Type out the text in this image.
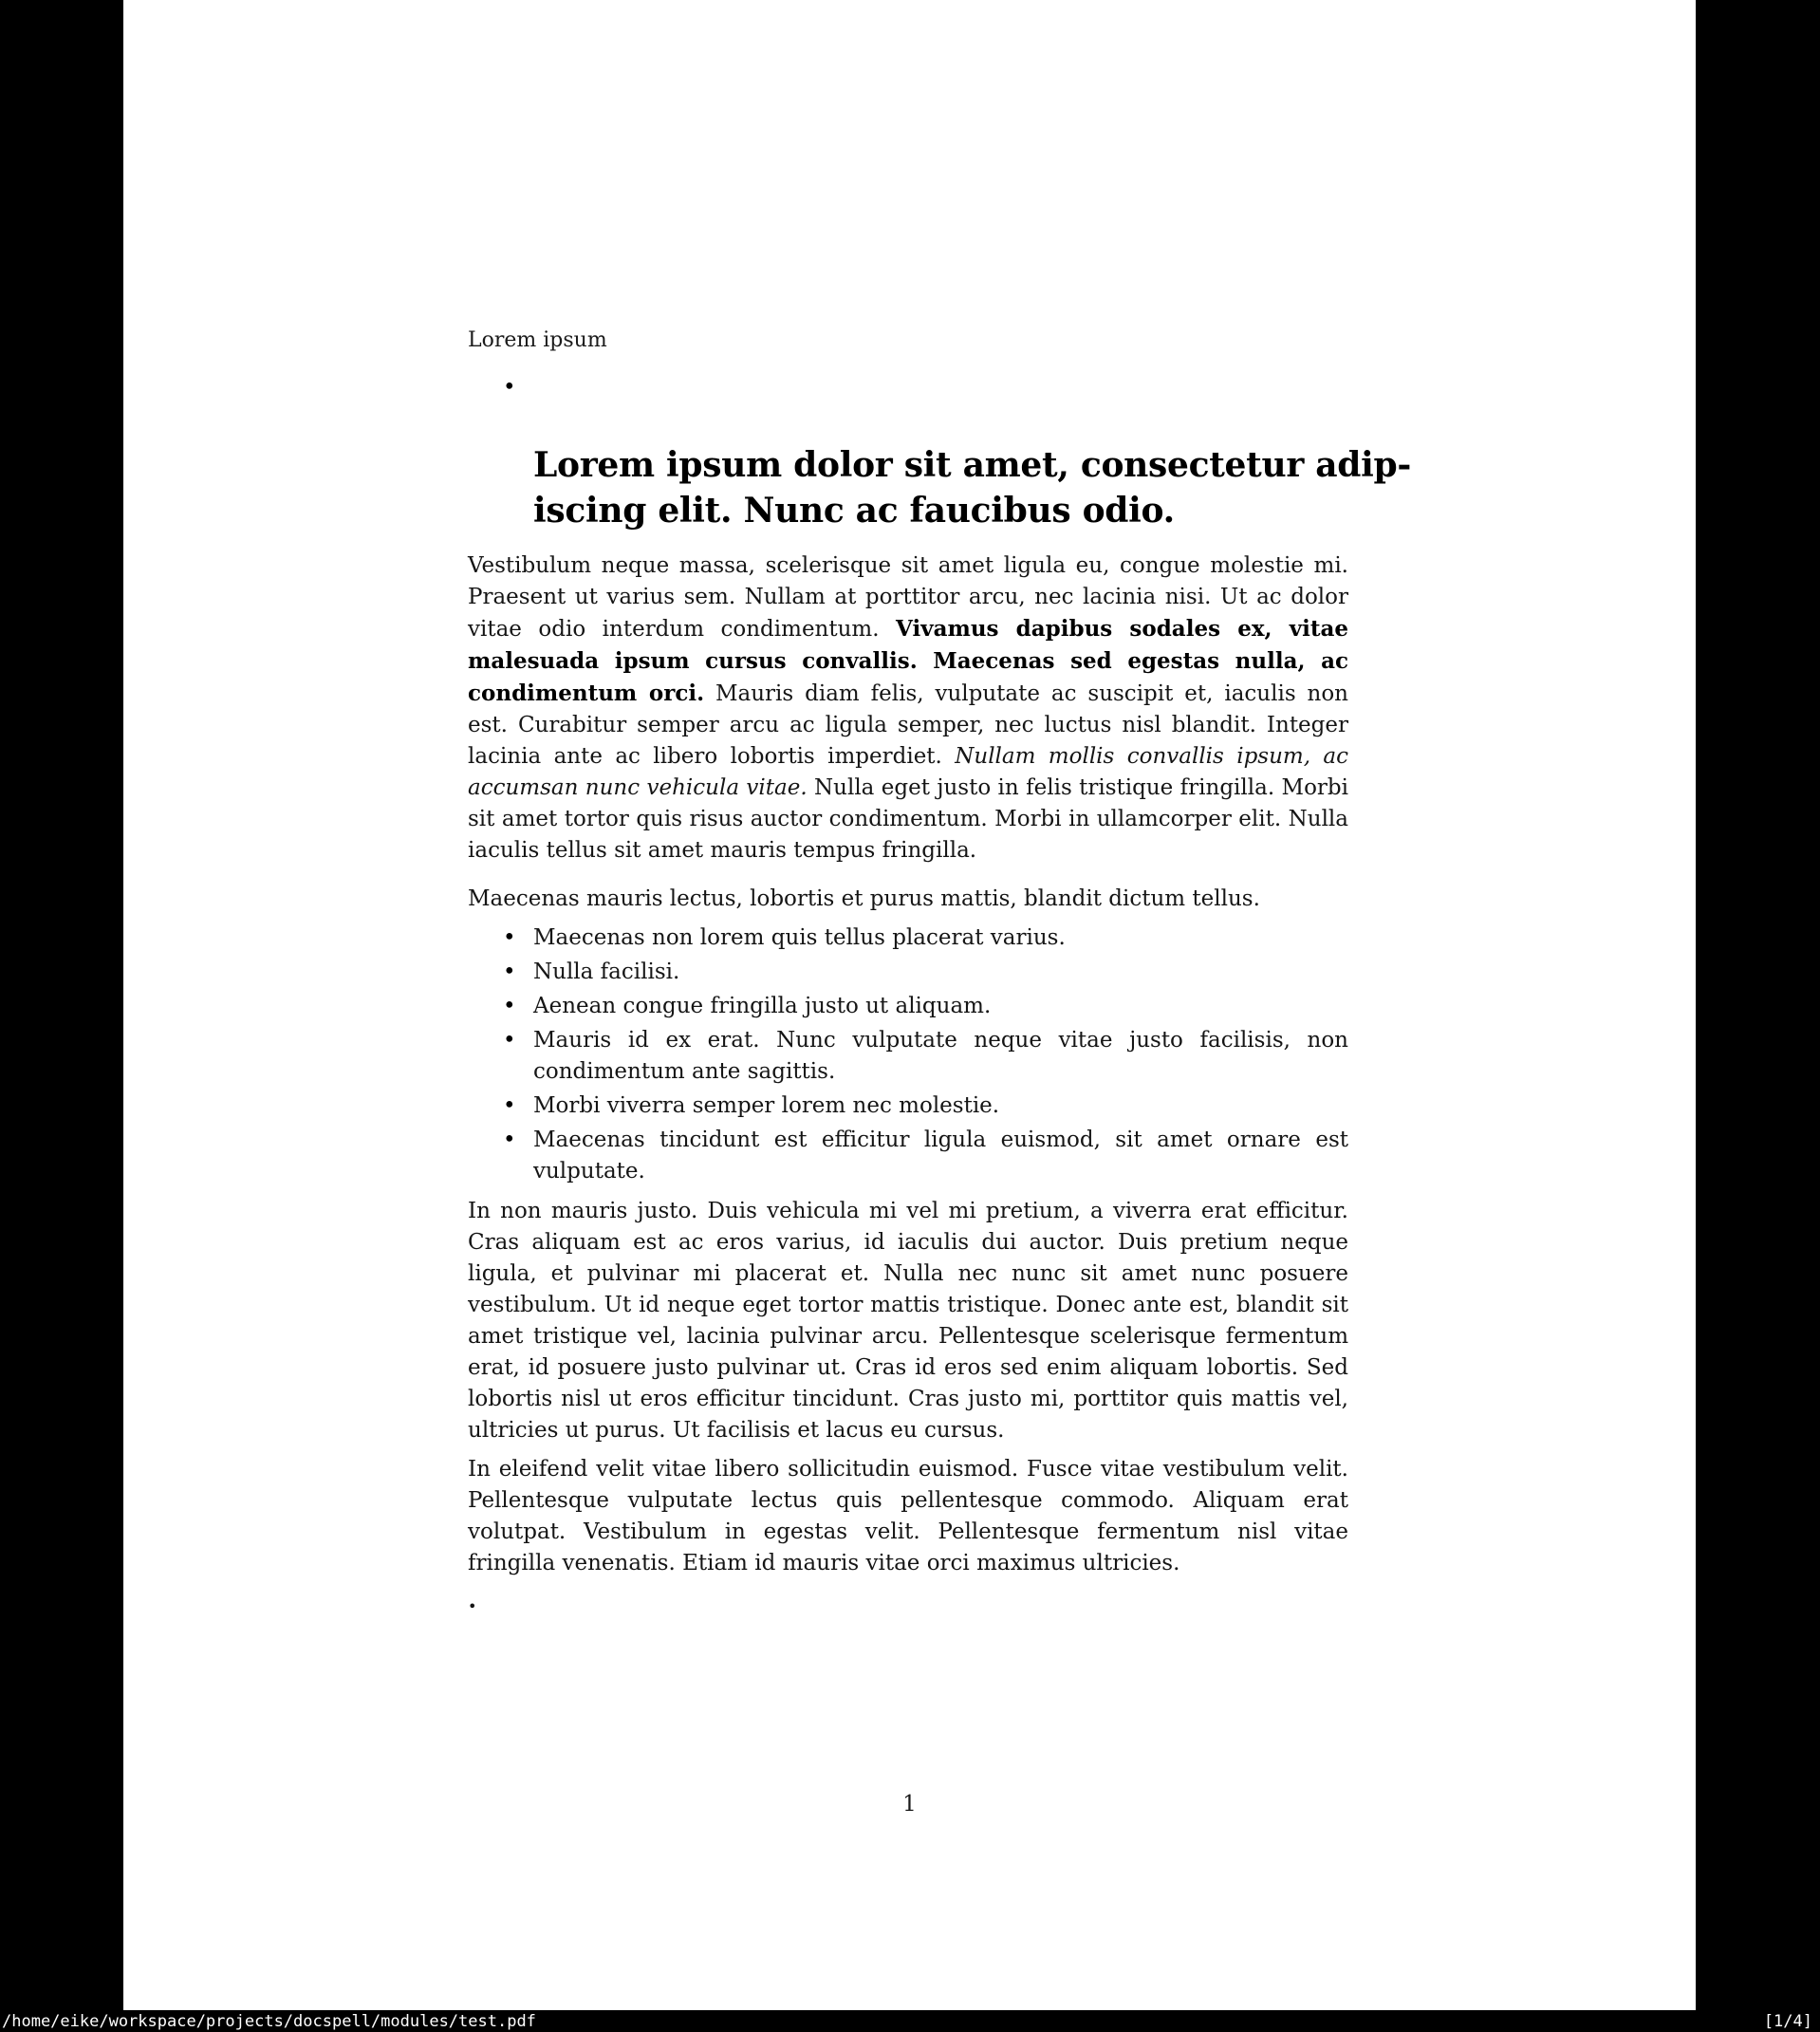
Lorem ipsum
•
Lorem ipsum dolor sit amet, consectetur adip-
iscing elit. Nunc ac faucibus odio.

Vestibulum neque massa, scelerisque sit amet ligula eu, congue molestie mi. Praesent ut varius sem. Nullam at porttitor arcu, nec lacinia nisi. Ut ac dolor vitae odio interdum condimentum. Vivamus dapibus sodales ex, vitae malesuada ipsum cursus convallis. Maecenas sed egestas nulla, ac condimentum orci. Mauris diam felis, vulputate ac suscipit et, iaculis non est. Curabitur semper arcu ac ligula semper, nec luctus nisl blandit. Integer lacinia ante ac libero lobortis imperdiet. Nullam mollis convallis ipsum, ac accumsan nunc vehicula vitae. Nulla eget justo in felis tristique fringilla. Morbi sit amet tortor quis risus auctor condimentum. Morbi in ullamcorper elit. Nulla iaculis tellus sit amet mauris tempus fringilla.

Maecenas mauris lectus, lobortis et purus mattis, blandit dictum tellus.

• Maecenas non lorem quis tellus placerat varius.
• Nulla facilisi.
• Aenean congue fringilla justo ut aliquam.
• Mauris id ex erat. Nunc vulputate neque vitae justo facilisis, non condimentum ante sagittis.
• Morbi viverra semper lorem nec molestie.
• Maecenas tincidunt est efficitur ligula euismod, sit amet ornare est vulputate.

In non mauris justo. Duis vehicula mi vel mi pretium, a viverra erat efficitur. Cras aliquam est ac eros varius, id iaculis dui auctor. Duis pretium neque ligula, et pulvinar mi placerat et. Nulla nec nunc sit amet nunc posuere vestibulum. Ut id neque eget tortor mattis tristique. Donec ante est, blandit sit amet tristique vel, lacinia pulvinar arcu. Pellentesque scelerisque fermentum erat, id posuere justo pulvinar ut. Cras id eros sed enim aliquam lobortis. Sed lobortis nisl ut eros efficitur tincidunt. Cras justo mi, porttitor quis mattis vel, ultricies ut purus. Ut facilisis et lacus eu cursus.

In eleifend velit vitae libero sollicitudin euismod. Fusce vitae vestibulum velit. Pellentesque vulputate lectus quis pellentesque commodo. Aliquam erat volutpat. Vestibulum in egestas velit. Pellentesque fermentum nisl vitae fringilla venenatis. Etiam id mauris vitae orci maximus ultricies.

•
1
/home/eike/workspace/projects/docspell/modules/test.pdf	[1/4]
